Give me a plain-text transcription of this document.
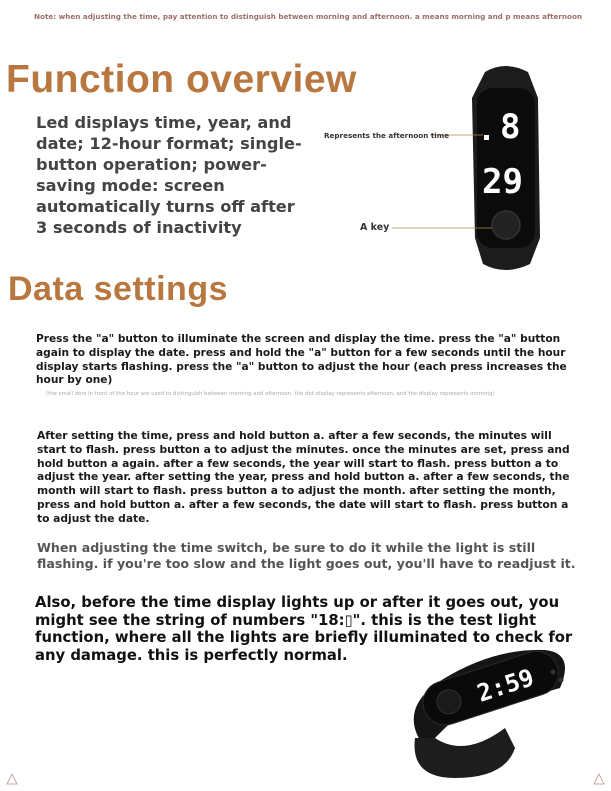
Note: when adjusting the time, pay attention to distinguish between morning and afternoon. a means morning and p means afternoon
Function overview
Led displays time, year, and date; 12-hour format; single-button operation; power-saving mode: screen automatically turns off after 3 seconds of inactivity
8
29
Represents the afternoon time
A key
Data settings
Press the "a" button to illuminate the screen and display the time. press the "a" button again to display the date. press and hold the "a" button for a few seconds until the hour display starts flashing. press the "a" button to adjust the hour (each press increases the hour by one)
(the small dots in front of the hour are used to distinguish between morning and afternoon. the dot display represents afternoon, and the display represents morning)
After setting the time, press and hold button a. after a few seconds, the minutes will start to flash. press button a to adjust the minutes. once the minutes are set, press and hold button a again. after a few seconds, the year will start to flash. press button a to adjust the year. after setting the year, press and hold button a. after a few seconds, the month will start to flash. press button a to adjust the month. after setting the month, press and hold button a. after a few seconds, the date will start to flash. press button a to adjust the date.
When adjusting the time switch, be sure to do it while the light is still flashing. if you're too slow and the light goes out, you'll have to readjust it.
Also, before the time display lights up or after it goes out, you might see the string of numbers "18:▯". this is the test light function, where all the lights are briefly illuminated to check for any damage. this is perfectly normal.
2:59
